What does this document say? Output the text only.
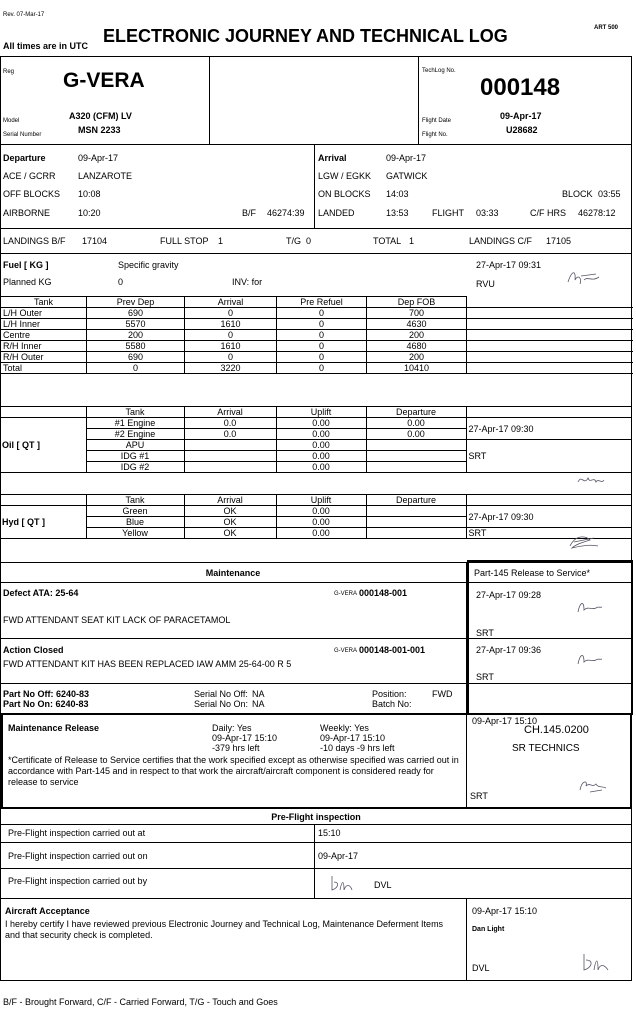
Rev. 07-Mar-17
ELECTRONIC JOURNEY AND TECHNICAL LOG	ART 500
All times are in UTC
Reg G-VERA	TechLog No.
000148
Model	A320 (CFM) LV
Serial Number	MSN 2233
Flight Date	09-Apr-17
Flight No.	U28682
Departure	09-Apr-17
ACE / GCRR LANZAROTE
OFF BLOCKS 10:08
AIRBORNE	10:20	B/F 46274:39
Arrival	09-Apr-17
LGW / EGKK GATWICK
ON BLOCKS 14:03	BLOCK 03:55
LANDED	13:53	FLIGHT 03:33	C/F HRS 46278:12
LANDINGS B/F 17104	FULL STOP 1	T/G 0	TOTAL 1	LANDINGS C/F 17105
Fuel [ KG ]	Specific gravity
Planned KG	0	INV: for
27-Apr-17 09:31
RVU
Tank	Prev Dep	Arrival	Pre Refuel	Dep FOB	
L/H Outer	690	0	0	700	
L/H Inner	5570	1610	0	4630	
Centre	200	0	0	200	
R/H Inner	5580	1610	0	4680	
R/H Outer	690	0	0	200	
Total	0	3220	0	10410	
	Tank	Arrival	Uplift	Departure	
Oil [ QT ]	#1 Engine	0.0	0.00	0.00	27-Apr-17 09:30
	#2 Engine	0.0	0.00	0.00	
	APU		0.00		SRT
	IDG #1		0.00		
	IDG #2		0.00		
	Tank	Arrival	Uplift	Departure	
Hyd [ QT ]	Green	OK	0.00		27-Apr-17 09:30
	Blue	OK	0.00		
	Yellow	OK	0.00		SRT
Maintenance	Part-145 Release to Service*
Defect ATA: 25-64	G-VERA 000148-001
FWD ATTENDANT SEAT KIT LACK OF PARACETAMOL
27-Apr-17 09:28
SRT
Action Closed	G-VERA 000148-001-001
FWD ATTENDANT KIT HAS BEEN REPLACED IAW AMM 25-64-00 R 5
27-Apr-17 09:36
SRT
Part No Off: 6240-83
Part No On: 6240-83
Serial No Off: NA
Serial No On: NA
Position:	FWD
Batch No:
Maintenance Release	Daily: Yes
09-Apr-17 15:10
-379 hrs left
Weekly: Yes
09-Apr-17 15:10
-10 days -9 hrs left
*Certificate of Release to Service certifies that the work specified except as otherwise specified was carried out in accordance with Part-145 and in respect to that work the aircraft/aircraft component is considered ready for release to service
09-Apr-17 15:10
CH.145.0200
SR TECHNICS
SRT
Pre-Flight inspection
Pre-Flight inspection carried out at	15:10
Pre-Flight inspection carried out on	09-Apr-17
Pre-Flight inspection carried out by	DVL
Aircraft Acceptance
I hereby certify I have reviewed previous Electronic Journey and Technical Log, Maintenance Deferment Items and that security check is completed.
09-Apr-17 15:10
Dan Light
DVL
B/F - Brought Forward, C/F - Carried Forward, T/G - Touch and Goes
